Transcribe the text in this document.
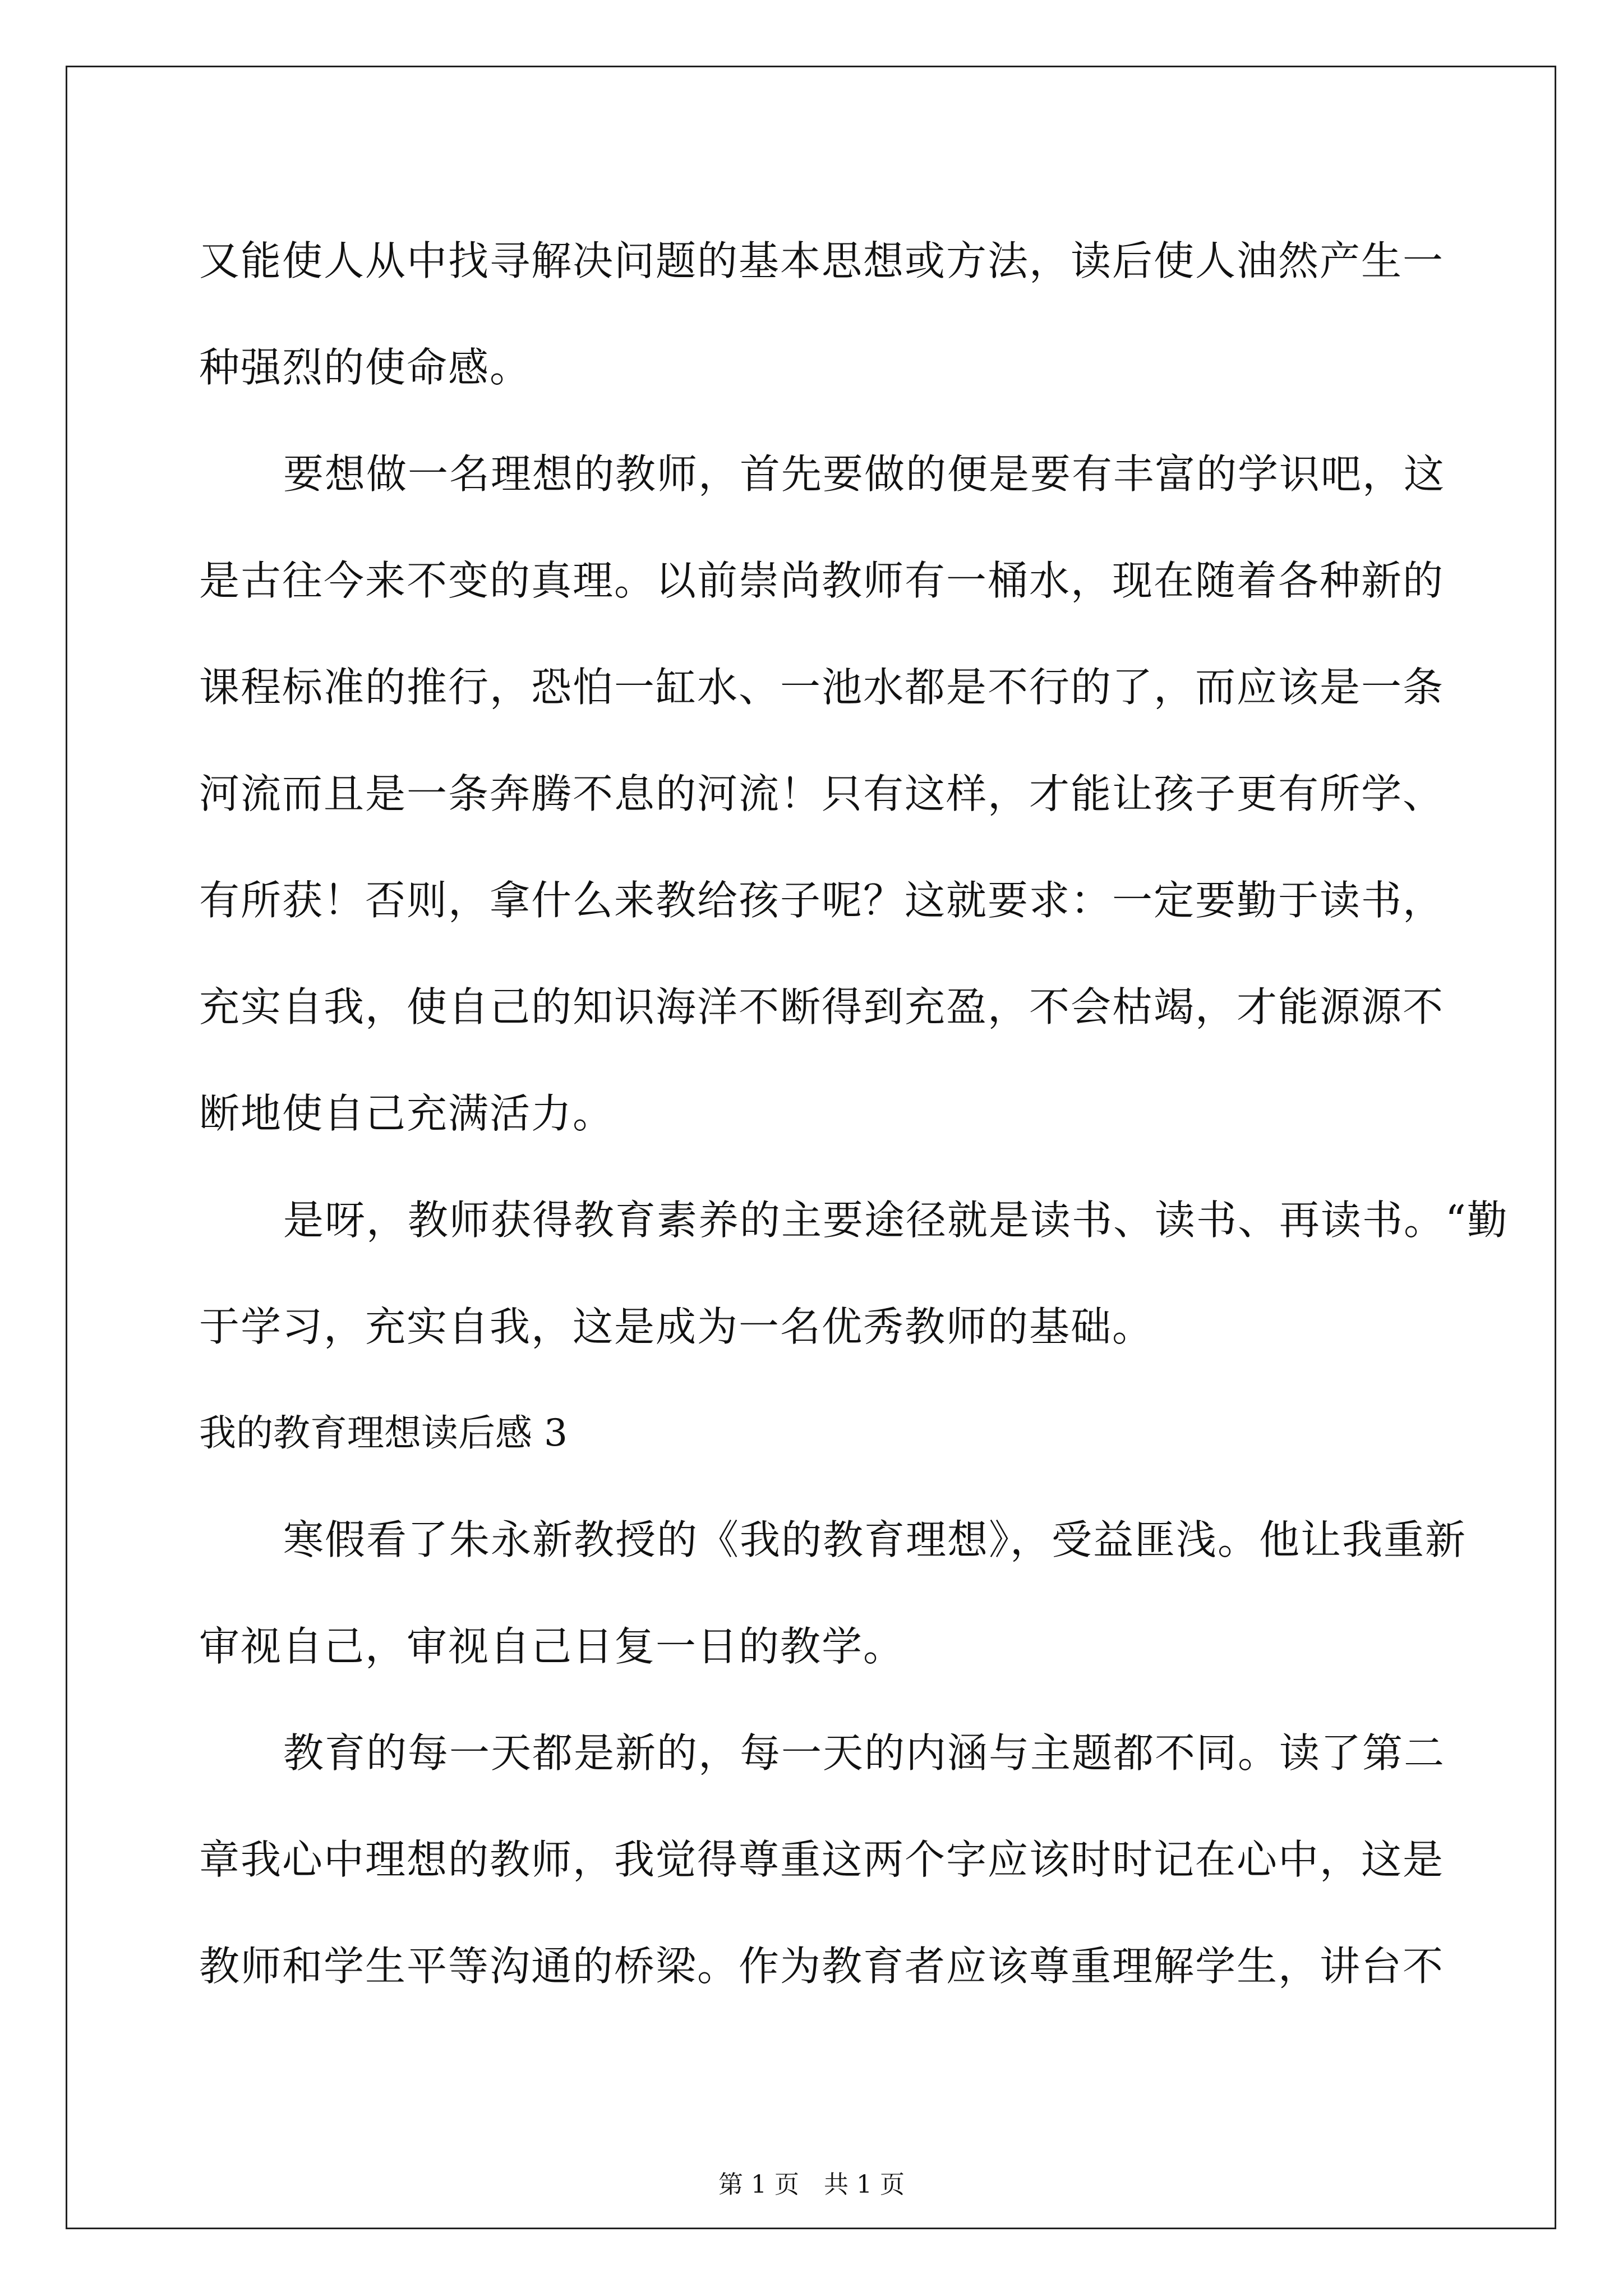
又能使人从中找寻解决问题的基本思想或方法，读后使人油然产生一
种强烈的使命感。
要想做一名理想的教师，首先要做的便是要有丰富的学识吧，这
是古往今来不变的真理。以前崇尚教师有一桶水，现在随着各种新的
课程标准的推行，恐怕一缸水、一池水都是不行的了，而应该是一条
河流而且是一条奔腾不息的河流！只有这样，才能让孩子更有所学、
有所获！否则，拿什么来教给孩子呢？这就要求：一定要勤于读书，
充实自我，使自己的知识海洋不断得到充盈，不会枯竭，才能源源不
断地使自己充满活力。
是呀，教师获得教育素养的主要途径就是读书、读书、再读书。“勤
于学习，充实自我，这是成为一名优秀教师的基础。
我的教育理想读后感 3
寒假看了朱永新教授的《我的教育理想》，受益匪浅。他让我重新
审视自己，审视自己日复一日的教学。
教育的每一天都是新的，每一天的内涵与主题都不同。读了第二
章我心中理想的教师，我觉得尊重这两个字应该时时记在心中，这是
教师和学生平等沟通的桥梁。作为教育者应该尊重理解学生，讲台不
第 1 页　共 1 页
